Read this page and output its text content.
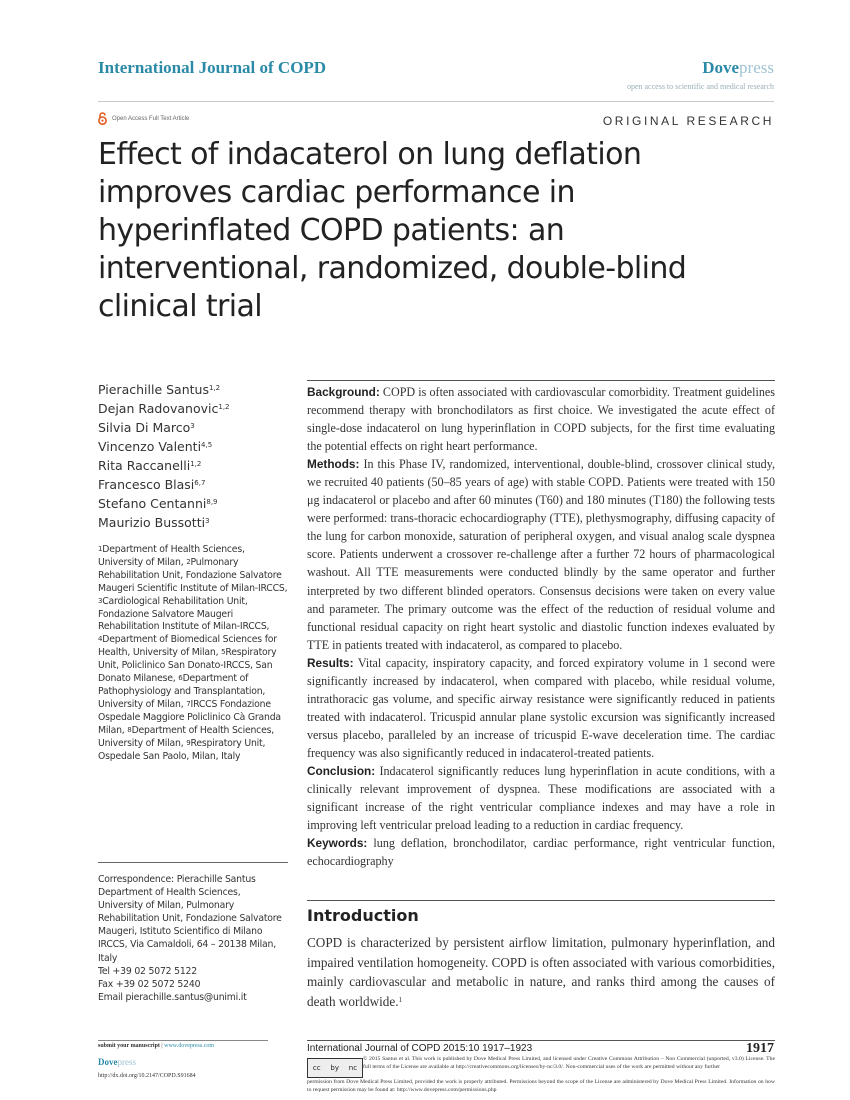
International Journal of COPD	Dovepress
open access to scientific and medical research
Open Access Full Text Article	ORIGINAL RESEARCH
Effect of indacaterol on lung deflation improves cardiac performance in hyperinflated COPD patients: an interventional, randomized, double-blind clinical trial
Pierachille Santus$^{1,2}$
Dejan Radovanovic$^{1,2}$
Silvia Di Marco$^3$
Vincenzo Valenti$^{4,5}$
Rita Raccanelli$^{1,2}$
Francesco Blasi$^{6,7}$
Stefano Centanni$^{8,9}$
Maurizio Bussotti$^3$
$^1$Department of Health Sciences, University of Milan, $^2$Pulmonary Rehabilitation Unit, Fondazione Salvatore Maugeri Scientific Institute of Milan-IRCCS, $^3$Cardiological Rehabilitation Unit, Fondazione Salvatore Maugeri Rehabilitation Institute of Milan-IRCCS, $^4$Department of Biomedical Sciences for Health, University of Milan, $^5$Respiratory Unit, Policlinico San Donato-IRCCS, San Donato Milanese, $^6$Department of Pathophysiology and Transplantation, University of Milan, $^7$IRCCS Fondazione Ospedale Maggiore Policlinico Cà Granda Milan, $^8$Department of Health Sciences, University of Milan, $^9$Respiratory Unit, Ospedale San Paolo, Milan, Italy
Correspondence: Pierachille Santus
Department of Health Sciences,
University of Milan, Pulmonary
Rehabilitation Unit, Fondazione Salvatore
Maugeri, Istituto Scientifico di Milano
IRCCS, Via Camaldoli, 64 – 20138 Milan,
Italy
Tel +39 02 5072 5122
Fax +39 02 5072 5240
Email pierachille.santus@unimi.it

Background: COPD is often associated with cardiovascular comorbidity. Treatment guidelines recommend therapy with bronchodilators as first choice. We investigated the acute effect of single-dose indacaterol on lung hyperinflation in COPD subjects, for the first time evaluating the potential effects on right heart performance.

Methods: In this Phase IV, randomized, interventional, double-blind, crossover clinical study, we recruited 40 patients (50–85 years of age) with stable COPD. Patients were treated with 150 μg indacaterol or placebo and after 60 minutes (T60) and 180 minutes (T180) the following tests were performed: trans-thoracic echocardiography (TTE), plethysmography, diffusing capacity of the lung for carbon monoxide, saturation of peripheral oxygen, and visual analog scale dyspnea score. Patients underwent a crossover re-challenge after a further 72 hours of pharmacological washout. All TTE measurements were conducted blindly by the same operator and further interpreted by two different blinded operators. Consensus decisions were taken on every value and parameter. The primary outcome was the effect of the reduction of residual volume and functional residual capacity on right heart systolic and diastolic function indexes evaluated by TTE in patients treated with indacaterol, as compared to placebo.

Results: Vital capacity, inspiratory capacity, and forced expiratory volume in 1 second were significantly increased by indacaterol, when compared with placebo, while residual volume, intrathoracic gas volume, and specific airway resistance were significantly reduced in patients treated with indacaterol. Tricuspid annular plane systolic excursion was significantly increased versus placebo, paralleled by an increase of tricuspid E-wave deceleration time. The cardiac frequency was also significantly reduced in indacaterol-treated patients.

Conclusion: Indacaterol significantly reduces lung hyperinflation in acute conditions, with a clinically relevant improvement of dyspnea. These modifications are associated with a significant increase of the right ventricular compliance indexes and may have a role in improving left ventricular preload leading to a reduction in cardiac frequency.

Keywords: lung deflation, bronchodilator, cardiac performance, right ventricular function, echocardiography

Introduction

COPD is characterized by persistent airflow limitation, pulmonary hyperinflation, and impaired ventilation homogeneity. COPD is often associated with various comorbidities, mainly cardiovascular and metabolic in nature, and ranks third among the causes of death worldwide.$^1$

submit your manuscript | www.dovepress.com
Dovepress
http://dx.doi.org/10.2147/COPD.S91684
International Journal of COPD 2015:10 1917–1923	1917
cc by nc
© 2015 Santus et al. This work is published by Dove Medical Press Limited, and licensed under Creative Commons Attribution – Non Commercial (unported, v3.0) License. The full terms of the License are available at http://creativecommons.org/licenses/by-nc/3.0/. Non-commercial uses of the work are permitted without any further
permission from Dove Medical Press Limited, provided the work is properly attributed. Permissions beyond the scope of the License are administered by Dove Medical Press Limited. Information on how to request permission may be found at: http://www.dovepress.com/permissions.php
